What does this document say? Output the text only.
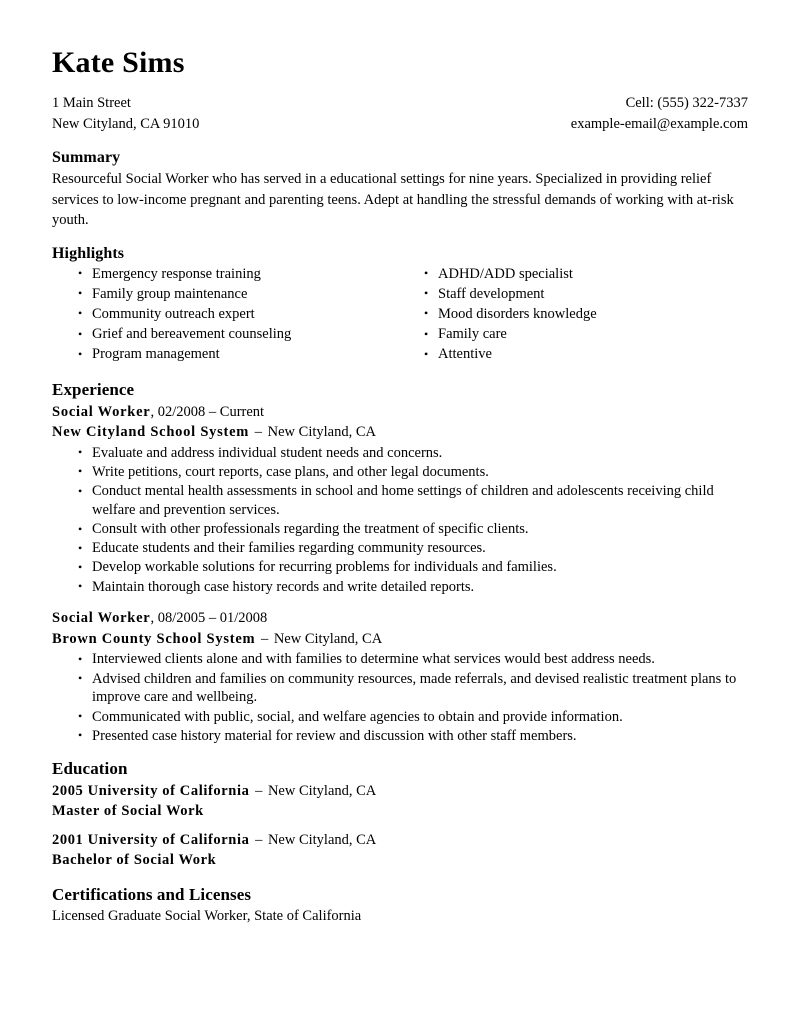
Kate Sims
1 Main Street
New Cityland, CA 91010
Cell: (555) 322-7337
example-email@example.com
Summary

Resourceful Social Worker who has served in a educational settings for nine years. Specialized in providing relief services to low-income pregnant and parenting teens. Adept at handling the stressful demands of working with at-risk youth.

Highlights
• Emergency response training
• Family group maintenance
• Community outreach expert
• Grief and bereavement counseling
• Program management
• ADHD/ADD specialist
• Staff development
• Mood disorders knowledge
• Family care
• Attentive
Experience
Social Worker, 02/2008 – Current
New Cityland School System – New Cityland, CA
• Evaluate and address individual student needs and concerns.
• Write petitions, court reports, case plans, and other legal documents.
• Conduct mental health assessments in school and home settings of children and adolescents receiving child welfare and prevention services.
• Consult with other professionals regarding the treatment of specific clients.
• Educate students and their families regarding community resources.
• Develop workable solutions for recurring problems for individuals and families.
• Maintain thorough case history records and write detailed reports.
Social Worker, 08/2005 – 01/2008
Brown County School System – New Cityland, CA
• Interviewed clients alone and with families to determine what services would best address needs.
• Advised children and families on community resources, made referrals, and devised realistic treatment plans to improve care and wellbeing.
• Communicated with public, social, and welfare agencies to obtain and provide information.
• Presented case history material for review and discussion with other staff members.
Education
2005 University of California – New Cityland, CA
Master of Social Work
2001 University of California – New Cityland, CA
Bachelor of Social Work
Certifications and Licenses
Licensed Graduate Social Worker, State of California
